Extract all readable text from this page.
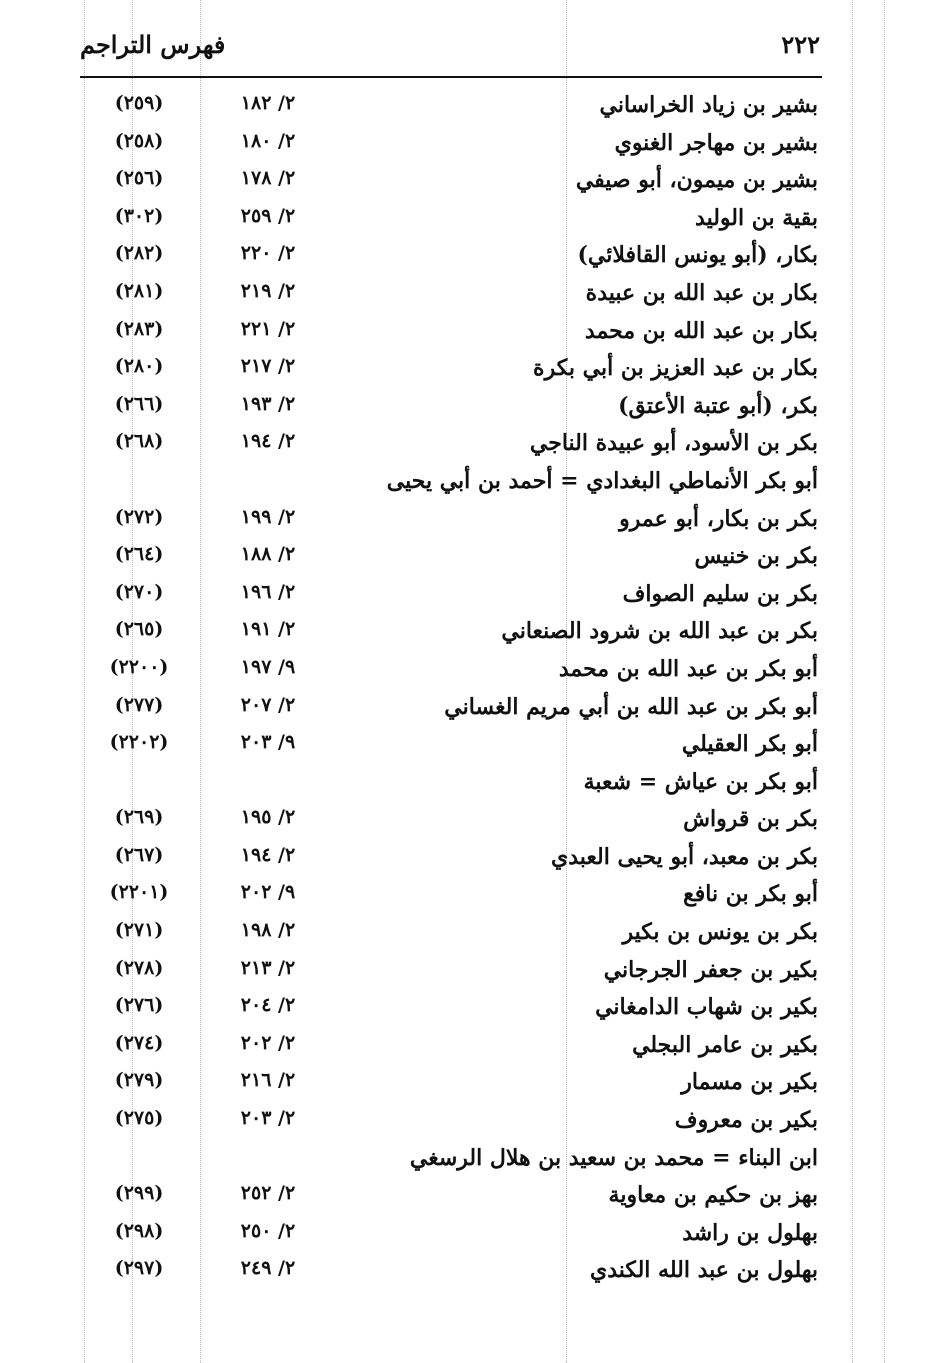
٢٢٢
فهرس التراجم
بشير بن زياد الخراساني
٢/ ١٨٢
(٢٥٩)
بشير بن مهاجر الغنوي
٢/ ١٨٠
(٢٥٨)
بشير بن ميمون، أبو صيفي
٢/ ١٧٨
(٢٥٦)
بقية بن الوليد
٢/ ٢٥٩
(٣٠٢)
بكار، (أبو يونس القافلائي)
٢/ ٢٢٠
(٢٨٢)
بكار بن عبد الله بن عبيدة
٢/ ٢١٩
(٢٨١)
بكار بن عبد الله بن محمد
٢/ ٢٢١
(٢٨٣)
بكار بن عبد العزيز بن أبي بكرة
٢/ ٢١٧
(٢٨٠)
بكر، (أبو عتبة الأعتق)
٢/ ١٩٣
(٢٦٦)
بكر بن الأسود، أبو عبيدة الناجي
٢/ ١٩٤
(٢٦٨)
أبو بكر الأنماطي البغدادي = أحمد بن أبي يحيى
بكر بن بكار، أبو عمرو
٢/ ١٩٩
(٢٧٢)
بكر بن خنيس
٢/ ١٨٨
(٢٦٤)
بكر بن سليم الصواف
٢/ ١٩٦
(٢٧٠)
بكر بن عبد الله بن شرود الصنعاني
٢/ ١٩١
(٢٦٥)
أبو بكر بن عبد الله بن محمد
٩/ ١٩٧
(٢٢٠٠)
أبو بكر بن عبد الله بن أبي مريم الغساني
٢/ ٢٠٧
(٢٧٧)
أبو بكر العقيلي
٩/ ٢٠٣
(٢٢٠٢)
أبو بكر بن عياش = شعبة
بكر بن قرواش
٢/ ١٩٥
(٢٦٩)
بكر بن معبد، أبو يحيى العبدي
٢/ ١٩٤
(٢٦٧)
أبو بكر بن نافع
٩/ ٢٠٢
(٢٢٠١)
بكر بن يونس بن بكير
٢/ ١٩٨
(٢٧١)
بكير بن جعفر الجرجاني
٢/ ٢١٣
(٢٧٨)
بكير بن شهاب الدامغاني
٢/ ٢٠٤
(٢٧٦)
بكير بن عامر البجلي
٢/ ٢٠٢
(٢٧٤)
بكير بن مسمار
٢/ ٢١٦
(٢٧٩)
بكير بن معروف
٢/ ٢٠٣
(٢٧٥)
ابن البناء = محمد بن سعيد بن هلال الرسغي
بهز بن حكيم بن معاوية
٢/ ٢٥٢
(٢٩٩)
بهلول بن راشد
٢/ ٢٥٠
(٢٩٨)
بهلول بن عبد الله الكندي
٢/ ٢٤٩
(٢٩٧)
